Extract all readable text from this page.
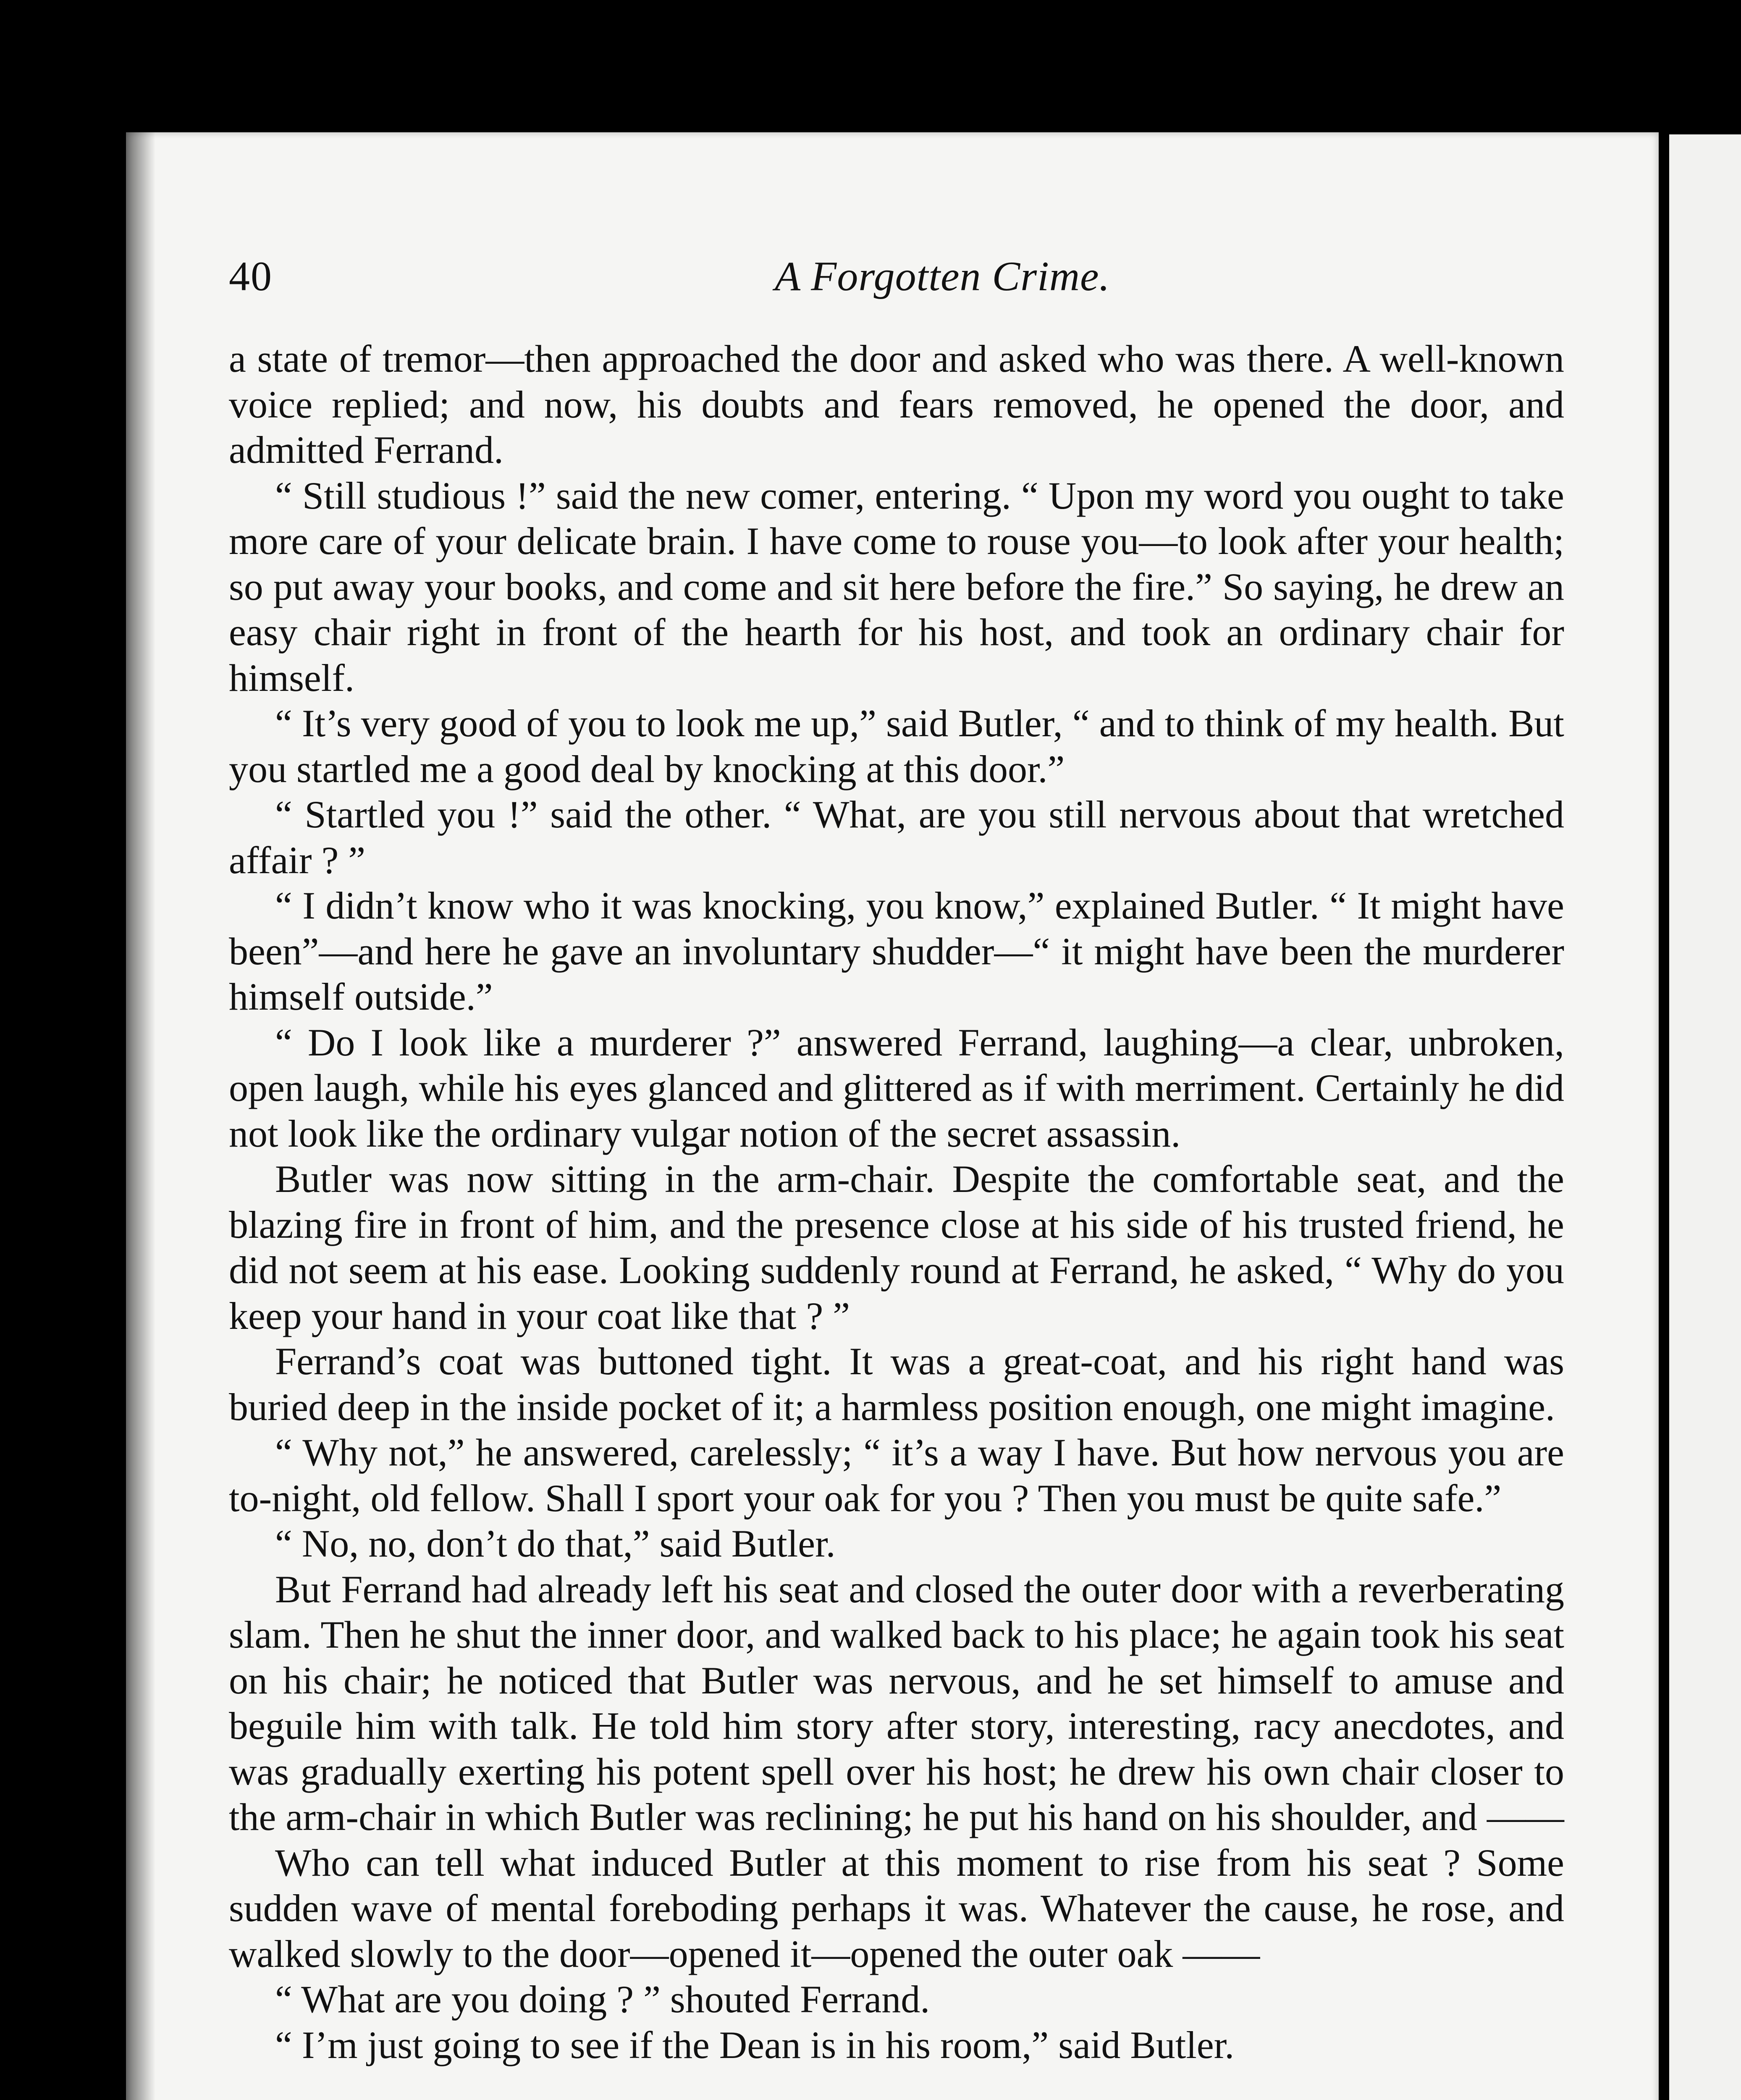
40	A Forgotten Crime.

a state of tremor—then approached the door and asked who was there. A well-known voice replied; and now, his doubts and fears removed, he opened the door, and admitted Ferrand.

“ Still studious !” said the new comer, entering. “ Upon my word you ought to take more care of your delicate brain. I have come to rouse you—to look after your health; so put away your books, and come and sit here before the fire.” So saying, he drew an easy chair right in front of the hearth for his host, and took an ordinary chair for himself.

“ It’s very good of you to look me up,” said Butler, “ and to think of my health. But you startled me a good deal by knocking at this door.”

“ Startled you !” said the other. “ What, are you still nervous about that wretched affair ? ”

“ I didn’t know who it was knocking, you know,” explained Butler. “ It might have been”—and here he gave an involuntary shudder—“ it might have been the murderer himself outside.”

“ Do I look like a murderer ?” answered Ferrand, laughing—a clear, unbroken, open laugh, while his eyes glanced and glittered as if with merriment. Certainly he did not look like the ordinary vulgar notion of the secret assassin.

Butler was now sitting in the arm-chair. Despite the comfortable seat, and the blazing fire in front of him, and the presence close at his side of his trusted friend, he did not seem at his ease. Looking suddenly round at Ferrand, he asked, “ Why do you keep your hand in your coat like that ? ”

Ferrand’s coat was buttoned tight. It was a great-coat, and his right hand was buried deep in the inside pocket of it; a harmless position enough, one might imagine.

“ Why not,” he answered, carelessly; “ it’s a way I have. But how nervous you are to-night, old fellow. Shall I sport your oak for you ? Then you must be quite safe.”

“ No, no, don’t do that,” said Butler.

But Ferrand had already left his seat and closed the outer door with a reverberating slam. Then he shut the inner door, and walked back to his place; he again took his seat on his chair; he noticed that Butler was nervous, and he set himself to amuse and beguile him with talk. He told him story after story, interesting, racy anecdotes, and was gradually exerting his potent spell over his host; he drew his own chair closer to the arm-chair in which Butler was reclining; he put his hand on his shoulder, and ——

Who can tell what induced Butler at this moment to rise from his seat ? Some sudden wave of mental foreboding perhaps it was. Whatever the cause, he rose, and walked slowly to the door—opened it—opened the outer oak ——

“ What are you doing ? ” shouted Ferrand.

“ I’m just going to see if the Dean is in his room,” said Butler.
